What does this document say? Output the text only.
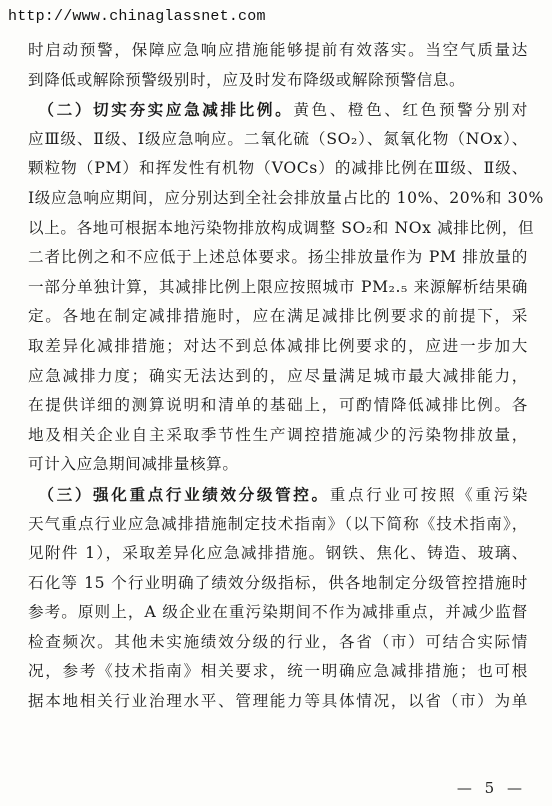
http://www.chinaglassnet.com
时启动预警，保障应急响应措施能够提前有效落实。当空气质量达
到降低或解除预警级别时，应及时发布降级或解除预警信息。
　（二）切实夯实应急减排比例。黄色、橙色、红色预警分别对
应Ⅲ级、Ⅱ级、Ⅰ级应急响应。二氧化硫（SO₂）、氮氧化物（NOx）、
颗粒物（PM）和挥发性有机物（VOCs）的减排比例在Ⅲ级、Ⅱ级、
Ⅰ级应急响应期间，应分别达到全社会排放量占比的 10%、20%和 30%
以上。各地可根据本地污染物排放构成调整 SO₂和 NOx 减排比例，但
二者比例之和不应低于上述总体要求。扬尘排放量作为 PM 排放量的
一部分单独计算，其减排比例上限应按照城市 PM₂.₅ 来源解析结果确
定。各地在制定减排措施时，应在满足减排比例要求的前提下，采
取差异化减排措施；对达不到总体减排比例要求的，应进一步加大
应急减排力度；确实无法达到的，应尽量满足城市最大减排能力，
在提供详细的测算说明和清单的基础上，可酌情降低减排比例。各
地及相关企业自主采取季节性生产调控措施减少的污染物排放量，
可计入应急期间减排量核算。
　（三）强化重点行业绩效分级管控。重点行业可按照《重污染
天气重点行业应急减排措施制定技术指南》（以下简称《技术指南》，
见附件 1），采取差异化应急减排措施。钢铁、焦化、铸造、玻璃、
石化等 15 个行业明确了绩效分级指标，供各地制定分级管控措施时
参考。原则上，A 级企业在重污染期间不作为减排重点，并减少监督
检查频次。其他未实施绩效分级的行业，各省（市）可结合实际情
况，参考《技术指南》相关要求，统一明确应急减排措施；也可根
据本地相关行业治理水平、管理能力等具体情况，以省（市）为单
— 5 —
